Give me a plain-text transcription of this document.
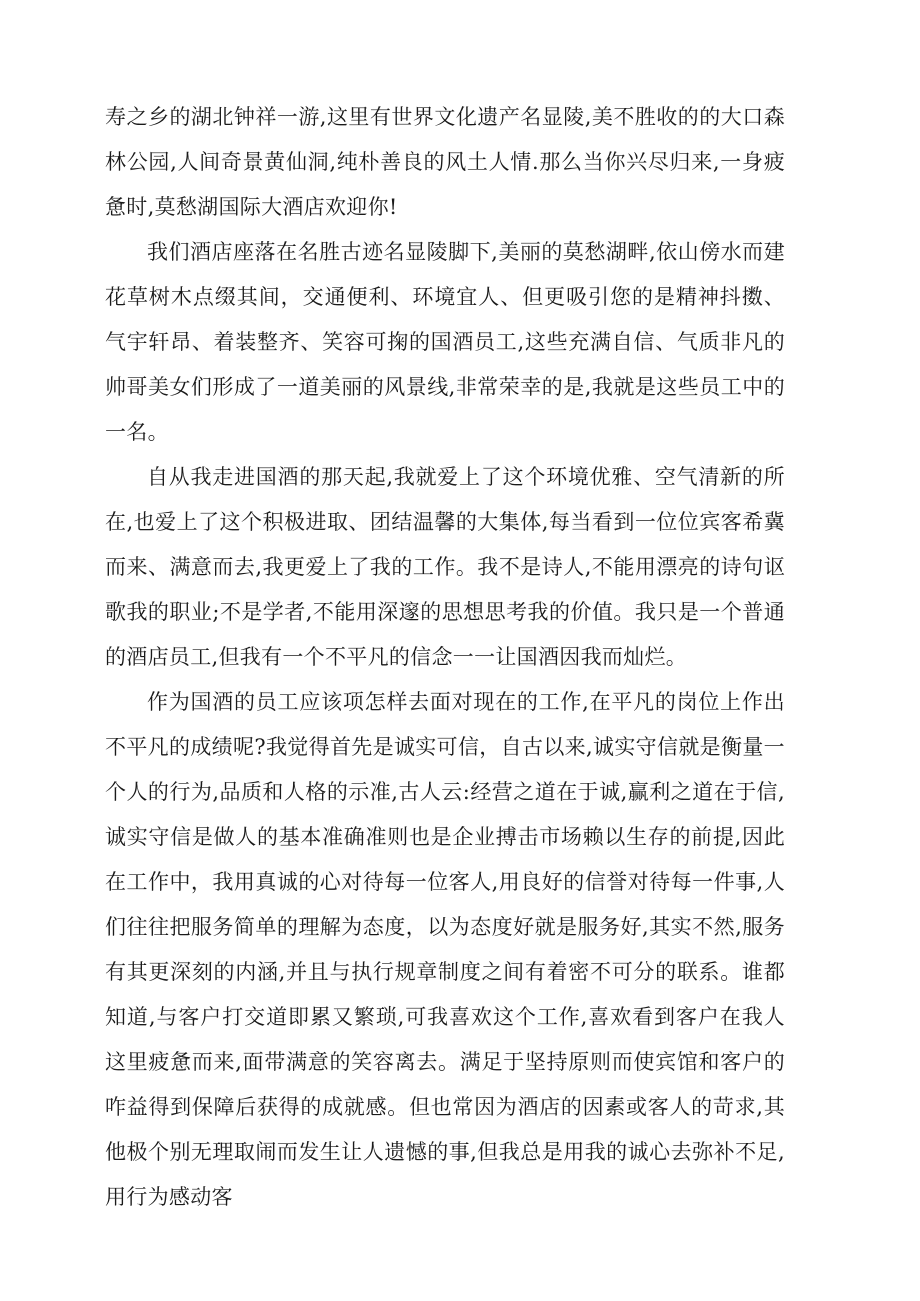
寿之乡的湖北钟祥一游,这里有世界文化遗产名显陵,美不胜收的的大口森林公园,人间奇景黄仙洞,纯朴善良的风土人情.那么当你兴尽归来,一身疲惫时,莫愁湖国际大酒店欢迎你!

我们酒店座落在名胜古迹名显陵脚下,美丽的莫愁湖畔,依山傍水而建花草树木点缀其间，交通便利、环境宜人、但更吸引您的是精神抖擞、气宇轩昂、着装整齐、笑容可掬的国酒员工,这些充满自信、气质非凡的帅哥美女们形成了一道美丽的风景线,非常荣幸的是,我就是这些员工中的一名。

自从我走进国酒的那天起,我就爱上了这个环境优雅、空气清新的所在,也爱上了这个积极进取、团结温馨的大集体,每当看到一位位宾客希冀而来、满意而去,我更爱上了我的工作。我不是诗人,不能用漂亮的诗句讴歌我的职业;不是学者,不能用深邃的思想思考我的价值。我只是一个普通的酒店员工,但我有一个不平凡的信念一一让国酒因我而灿烂。

作为国酒的员工应该项怎样去面对现在的工作,在平凡的岗位上作出不平凡的成绩呢?我觉得首先是诚实可信，自古以来,诚实守信就是衡量一个人的行为,品质和人格的示准,古人云:经营之道在于诚,赢利之道在于信,诚实守信是做人的基本准确准则也是企业搏击市场赖以生存的前提,因此在工作中，我用真诚的心对待每一位客人,用良好的信誉对待每一件事,人们往往把服务简单的理解为态度，以为态度好就是服务好,其实不然,服务有其更深刻的内涵,并且与执行规章制度之间有着密不可分的联系。谁都知道,与客户打交道即累又繁琐,可我喜欢这个工作,喜欢看到客户在我人这里疲惫而来,面带满意的笑容离去。满足于坚持原则而使宾馆和客户的咋益得到保障后获得的成就感。但也常因为酒店的因素或客人的苛求,其他极个别无理取闹而发生让人遗憾的事,但我总是用我的诚心去弥补不足,用行为感动客
